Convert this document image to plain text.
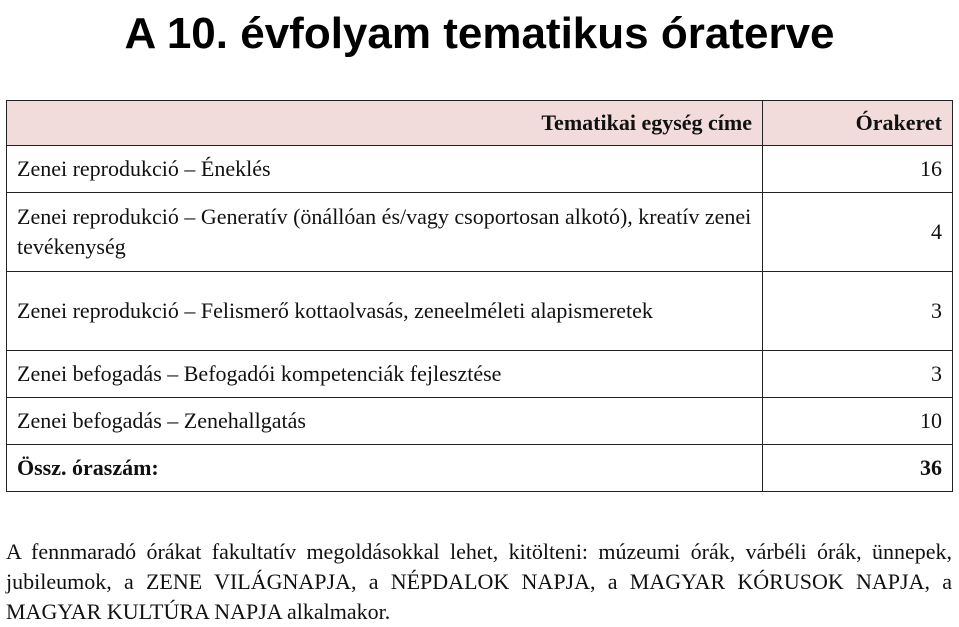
A 10. évfolyam tematikus óraterve
Tematikai egység címe	Órakeret
Zenei reprodukció – Éneklés	16
Zenei reprodukció – Generatív (önállóan és/vagy csoportosan alkotó), kreatív zenei tevékenység	4
Zenei reprodukció – Felismerő kottaolvasás, zeneelméleti alapismeretek	3
Zenei befogadás – Befogadói kompetenciák fejlesztése	3
Zenei befogadás – Zenehallgatás	10
Össz. óraszám:	36

A fennmaradó órákat fakultatív megoldásokkal lehet, kitölteni: múzeumi órák, várbéli órák, ünnepek, jubileumok, a ZENE VILÁGNAPJA, a NÉPDALOK NAPJA, a MAGYAR KÓRUSOK NAPJA, a MAGYAR KULTÚRA NAPJA alkalmakor.
